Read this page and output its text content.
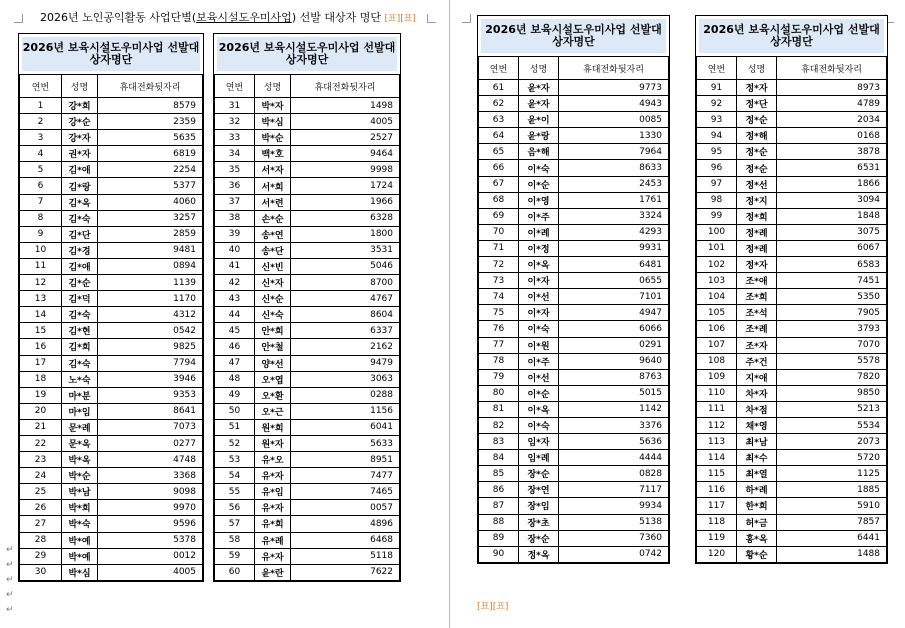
2026년 노인공익활동 사업단별(보육시설도우미사업) 선발 대상자 명단 [표][표]
2026년 보육시설도우미사업 선발대상자명단
연번	성명	휴대전화뒷자리
1	강*희	8579
2	강*순	2359
3	강*자	5635
4	권*자	6819
5	김*애	2254
6	김*랑	5377
7	김*옥	4060
8	김*숙	3257
9	김*단	2859
10	김*경	9481
11	김*애	0894
12	김*순	1139
13	김*덕	1170
14	김*숙	4312
15	김*현	0542
16	김*희	9825
17	김*숙	7794
18	노*숙	3946
19	마*분	9353
20	마*임	8641
21	문*례	7073
22	문*옥	0277
23	박*옥	4748
24	박*순	3368
25	박*남	9098
26	박*희	9970
27	박*숙	9596
28	박*예	5378
29	박*예	0012
30	박*심	4005
2026년 보육시설도우미사업 선발대상자명단
연번	성명	휴대전화뒷자리
31	박*자	1498
32	박*심	4005
33	박*순	2527
34	백*호	9464
35	서*자	9998
36	서*희	1724
37	서*련	1966
38	손*순	6328
39	송*연	1800
40	송*단	3531
41	신*빈	5046
42	신*자	8700
43	신*순	4767
44	신*숙	8604
45	안*희	6337
46	안*철	2162
47	양*선	9479
48	오*엽	3063
49	오*환	0288
50	오*근	1156
51	원*희	6041
52	원*자	5633
53	유*오	8951
54	유*자	7477
55	유*임	7465
56	유*자	0057
57	유*희	4896
58	유*례	6468
59	유*자	5118
60	윤*란	7622
2026년 보육시설도우미사업 선발대상자명단
연번	성명	휴대전화뒷자리
61	윤*자	9773
62	윤*자	4943
63	윤*이	0085
64	윤*랑	1330
65	음*해	7964
66	이*숙	8633
67	이*순	2453
68	이*영	1761
69	이*주	3324
70	이*례	4293
71	이*정	9931
72	이*옥	6481
73	이*자	0655
74	이*선	7101
75	이*자	4947
76	이*숙	6066
77	이*원	0291
78	이*주	9640
79	이*선	8763
80	이*순	5015
81	이*옥	1142
82	이*숙	3376
83	임*자	5636
84	임*례	4444
85	장*순	0828
86	장*연	7117
87	장*임	9934
88	장*초	5138
89	장*순	7360
90	정*옥	0742
2026년 보육시설도우미사업 선발대상자명단
연번	성명	휴대전화뒷자리
91	정*자	8973
92	정*단	4789
93	정*순	2034
94	정*해	0168
95	정*순	3878
96	정*순	6531
97	정*선	1866
98	정*지	3094
99	정*희	1848
100	정*례	3075
101	정*례	6067
102	정*자	6583
103	조*애	7451
104	조*희	5350
105	조*석	7905
106	조*례	3793
107	조*자	7070
108	주*건	5578
109	지*애	7820
110	차*자	9850
111	차*점	5213
112	채*영	5534
113	최*남	2073
114	최*수	5720
115	최*열	1125
116	하*례	1885
117	한*희	5910
118	허*금	7857
119	홍*옥	6441
120	황*순	1488
[표][표]
↵
↵
↵
↵
↵
